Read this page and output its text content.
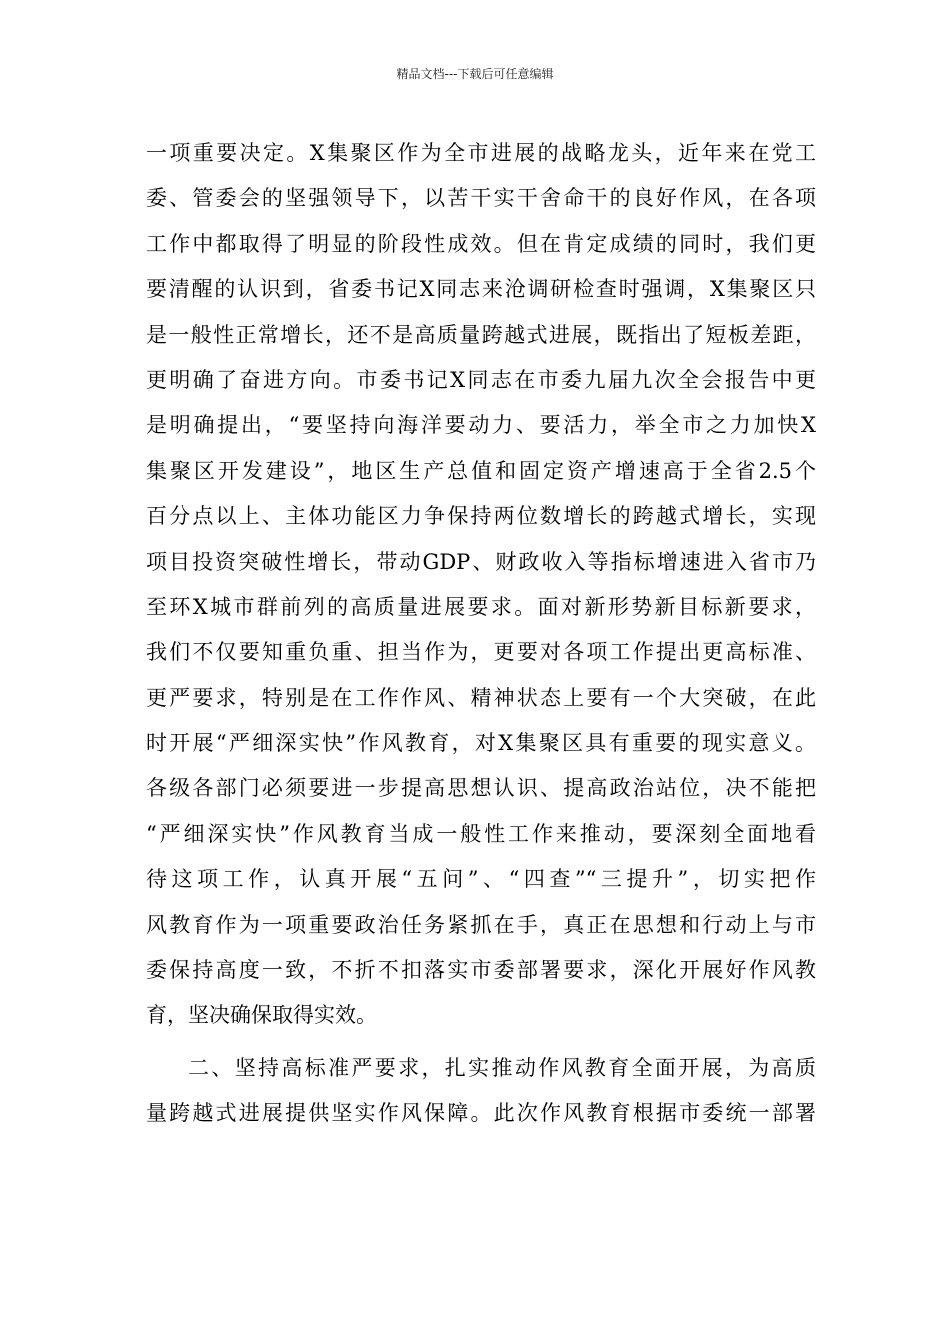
精品文档---下载后可任意编辑
一项重要决定。X集聚区作为全市进展的战略龙头，近年来在党工
委、管委会的坚强领导下，以苦干实干舍命干的良好作风，在各项
工作中都取得了明显的阶段性成效。但在肯定成绩的同时，我们更
要清醒的认识到，省委书记X同志来沧调研检查时强调，X集聚区只
是一般性正常增长，还不是高质量跨越式进展，既指出了短板差距，
更明确了奋进方向。市委书记X同志在市委九届九次全会报告中更
是明确提出，“要坚持向海洋要动力、要活力，举全市之力加快X
集聚区开发建设”，地区生产总值和固定资产增速高于全省2.5个
百分点以上、主体功能区力争保持两位数增长的跨越式增长，实现
项目投资突破性增长，带动GDP、财政收入等指标增速进入省市乃
至环X城市群前列的高质量进展要求。面对新形势新目标新要求，
我们不仅要知重负重、担当作为，更要对各项工作提出更高标准、
更严要求，特别是在工作作风、精神状态上要有一个大突破，在此
时开展“严细深实快”作风教育，对X集聚区具有重要的现实意义。
各级各部门必须要进一步提高思想认识、提高政治站位，决不能把
“严细深实快”作风教育当成一般性工作来推动，要深刻全面地看
待这项工作，认真开展“五问”、“四查”“三提升”，切实把作
风教育作为一项重要政治任务紧抓在手，真正在思想和行动上与市
委保持高度一致，不折不扣落实市委部署要求，深化开展好作风教
育，坚决确保取得实效。
二、坚持高标准严要求，扎实推动作风教育全面开展，为高质
量跨越式进展提供坚实作风保障。此次作风教育根据市委统一部署
